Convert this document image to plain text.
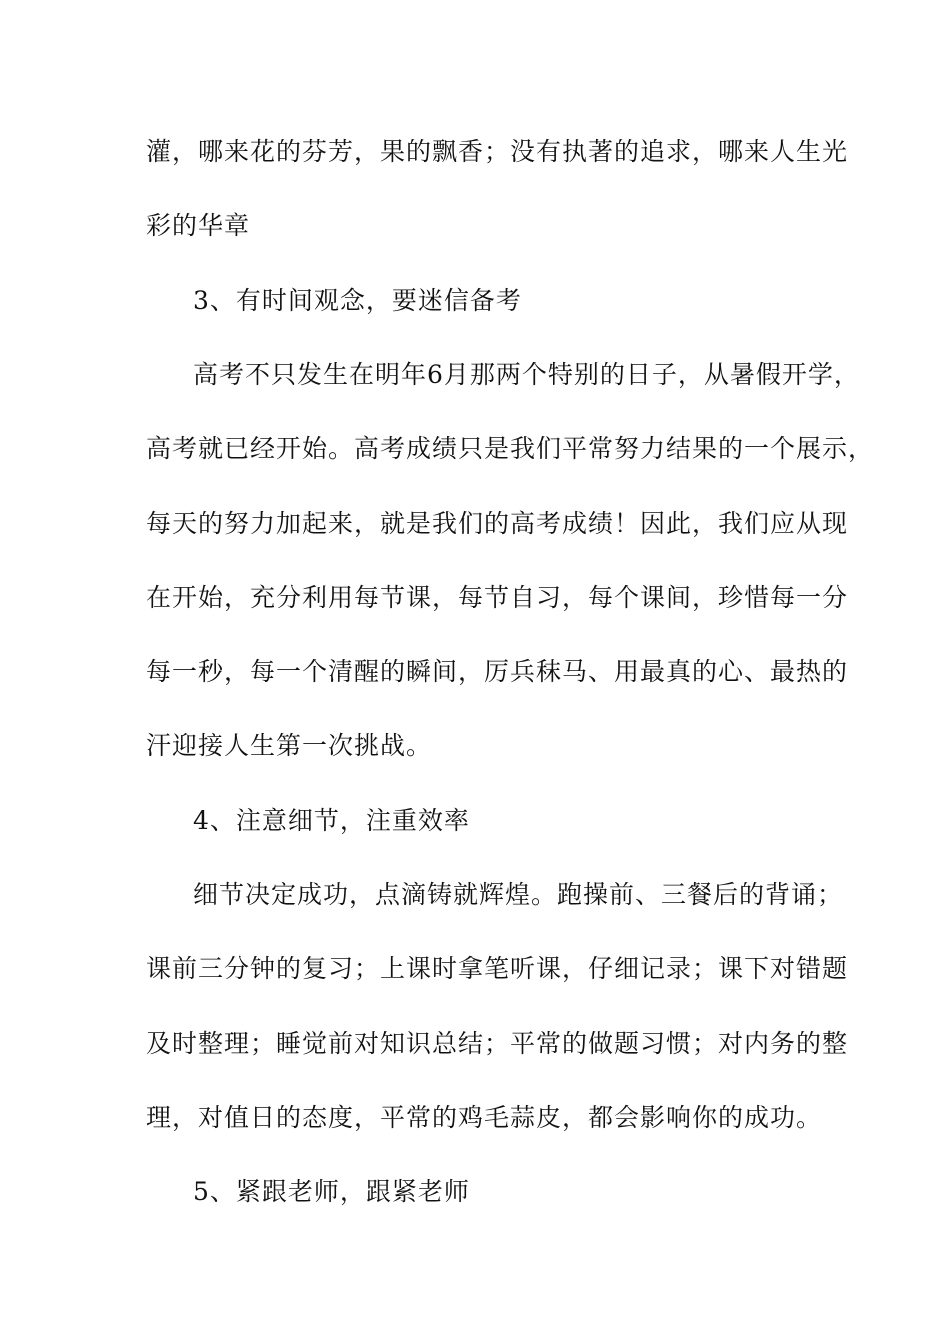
灌，哪来花的芬芳，果的飘香；没有执著的追求，哪来人生光
彩的华章
3、有时间观念，要迷信备考
高考不只发生在明年6月那两个特别的日子，从暑假开学，
高考就已经开始。高考成绩只是我们平常努力结果的一个展示，
每天的努力加起来，就是我们的高考成绩！因此，我们应从现
在开始，充分利用每节课，每节自习，每个课间，珍惜每一分
每一秒，每一个清醒的瞬间，厉兵秣马、用最真的心、最热的
汗迎接人生第一次挑战。
4、注意细节，注重效率
细节决定成功，点滴铸就辉煌。跑操前、三餐后的背诵；
课前三分钟的复习；上课时拿笔听课，仔细记录；课下对错题
及时整理；睡觉前对知识总结；平常的做题习惯；对内务的整
理，对值日的态度，平常的鸡毛蒜皮，都会影响你的成功。
5、紧跟老师，跟紧老师
